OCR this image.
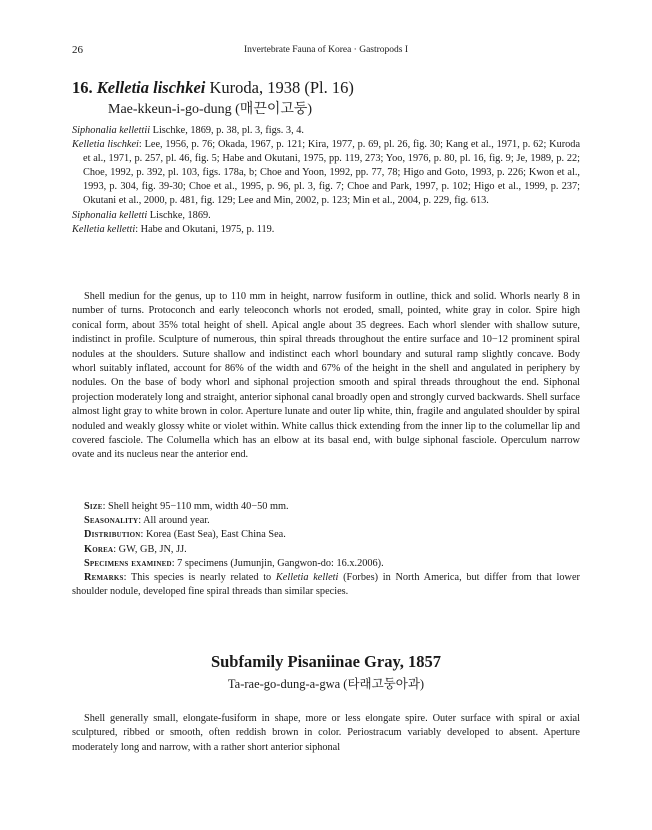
26	Invertebrate Fauna of Korea · Gastropods I
16. Kelletia lischkei Kuroda, 1938 (Pl. 16)
Mae-kkeun-i-go-dung (매끈이고둥)
Siphonalia kellettii Lischke, 1869, p. 38, pl. 3, figs. 3, 4.
Kelletia lischkei: Lee, 1956, p. 76; Okada, 1967, p. 121; Kira, 1977, p. 69, pl. 26, fig. 30; Kang et al., 1971, p. 62; Kuroda et al., 1971, p. 257, pl. 46, fig. 5; Habe and Okutani, 1975, pp. 119, 273; Yoo, 1976, p. 80, pl. 16, fig. 9; Je, 1989, p. 22; Choe, 1992, p. 392, pl. 103, figs. 178a, b; Choe and Yoon, 1992, pp. 77, 78; Higo and Goto, 1993, p. 226; Kwon et al., 1993, p. 304, fig. 39-30; Choe et al., 1995, p. 96, pl. 3, fig. 7; Choe and Park, 1997, p. 102; Higo et al., 1999, p. 237; Okutani et al., 2000, p. 481, fig. 129; Lee and Min, 2002, p. 123; Min et al., 2004, p. 229, fig. 613.
Siphonalia kelletti Lischke, 1869.
Kelletia kelletti: Habe and Okutani, 1975, p. 119.

Shell mediun for the genus, up to 110 mm in height, narrow fusiform in outline, thick and solid. Whorls nearly 8 in number of turns. Protoconch and early teleoconch whorls not eroded, small, pointed, white gray in color. Spire high conical form, about 35% total height of shell. Apical angle about 35 degrees. Each whorl slender with shallow suture, indistinct in profile. Sculpture of numerous, thin spiral threads throughout the entire surface and 10−12 prominent spiral nodules at the shoulders. Suture shallow and indistinct each whorl boundary and sutural ramp slightly concave. Body whorl suitably inflated, account for 86% of the width and 67% of the height in the shell and angulated in periphery by nodules. On the base of body whorl and siphonal projection smooth and spiral threads throughout the end. Siphonal projection moderately long and straight, anterior siphonal canal broadly open and strongly curved backwards. Shell surface almost light gray to white brown in color. Aperture lunate and outer lip white, thin, fragile and angulated shoulder by spiral noduled and weakly glossy white or violet within. White callus thick extending from the inner lip to the columellar lip and covered fasciole. The Columella which has an elbow at its basal end, with bulge siphonal fasciole. Operculum narrow ovate and its nucleus near the anterior end.

Size: Shell height 95−110 mm, width 40−50 mm.
Seasonality: All around year.
Distribution: Korea (East Sea), East China Sea.
Korea: GW, GB, JN, JJ.
Specimens examined: 7 specimens (Jumunjin, Gangwon-do: 16.x.2006).
Remarks: This species is nearly related to Kelletia kelleti (Forbes) in North America, but differ from that lower shoulder nodule, developed fine spiral threads than similar species.
Subfamily Pisaniinae Gray, 1857
Ta-rae-go-dung-a-gwa (타래고둥아과)

Shell generally small, elongate-fusiform in shape, more or less elongate spire. Outer surface with spiral or axial sculptured, ribbed or smooth, often reddish brown in color. Periostracum variably developed to absent. Aperture moderately long and narrow, with a rather short anterior siphonal
